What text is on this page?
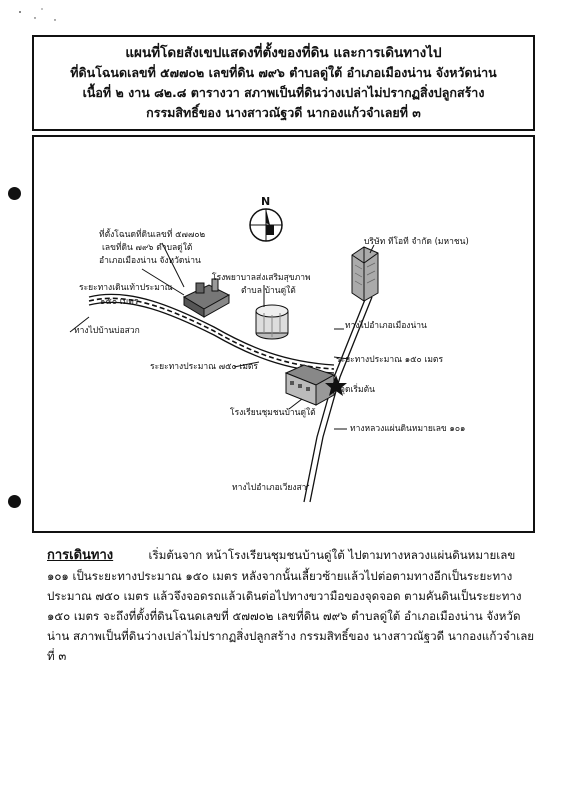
แผนที่โดยสังเขปแสดงที่ตั้งของที่ดิน และการเดินทางไป
ที่ดินโฉนดเลขที่ ๕๗๗๐๒ เลขที่ดิน ๗๙๖ ตำบลดู่ใต้ อำเภอเมืองน่าน จังหวัดน่าน
เนื้อที่ ๒ งาน ๘๒.๘ ตารางวา สภาพเป็นที่ดินว่างเปล่าไม่ปรากฏสิ่งปลูกสร้าง
กรรมสิทธิ์ของ นางสาวณัฐวดี นากองแก้วจำเลยที่ ๓
N
ที่ตั้งโฉนดที่ดินเลขที่ ๕๗๗๐๒
เลขที่ดิน ๗๙๖ ตำบลดู่ใต้
อำเภอเมืองน่าน จังหวัดน่าน
ระยะทางเดินเท้าประมาณ
๑๕๐ เมตร
ทางไปบ้านบ่อสวก
โรงพยาบาลส่งเสริมสุขภาพ
ตำบล บ้านดู่ใต้
บริษัท ทีโอที จำกัด (มหาชน)
ทางไปอำเภอเมืองน่าน
ระยะทางประมาณ ๗๕๐ เมตร
ระยะทางประมาณ ๑๕๐ เมตร
จุดเริ่มต้น
โรงเรียนชุมชนบ้านดู่ใต้
ทางหลวงแผ่นดินหมายเลข ๑๐๑
ทางไปอำเภอเวียงสา
การเดินทาง	เริ่มต้นจาก หน้าโรงเรียนชุมชนบ้านดู่ใต้ ไปตามทางหลวงแผ่นดินหมายเลข ๑๐๑ เป็นระยะทางประมาณ ๑๕๐ เมตร หลังจากนั้นเลี้ยวซ้ายแล้วไปต่อตามทางอีกเป็นระยะทางประมาณ ๗๕๐ เมตร แล้วจึงจอดรถแล้วเดินต่อไปทางขวามือของจุดจอด ตามคันดินเป็นระยะทาง ๑๕๐ เมตร จะถึงที่ตั้งที่ดินโฉนดเลขที่ ๕๗๗๐๒ เลขที่ดิน ๗๙๖ ตำบลดู่ใต้ อำเภอเมืองน่าน จังหวัดน่าน สภาพเป็นที่ดินว่างเปล่าไม่ปรากฏสิ่งปลูกสร้าง กรรมสิทธิ์ของ นางสาวณัฐวดี นากองแก้วจำเลยที่ ๓
